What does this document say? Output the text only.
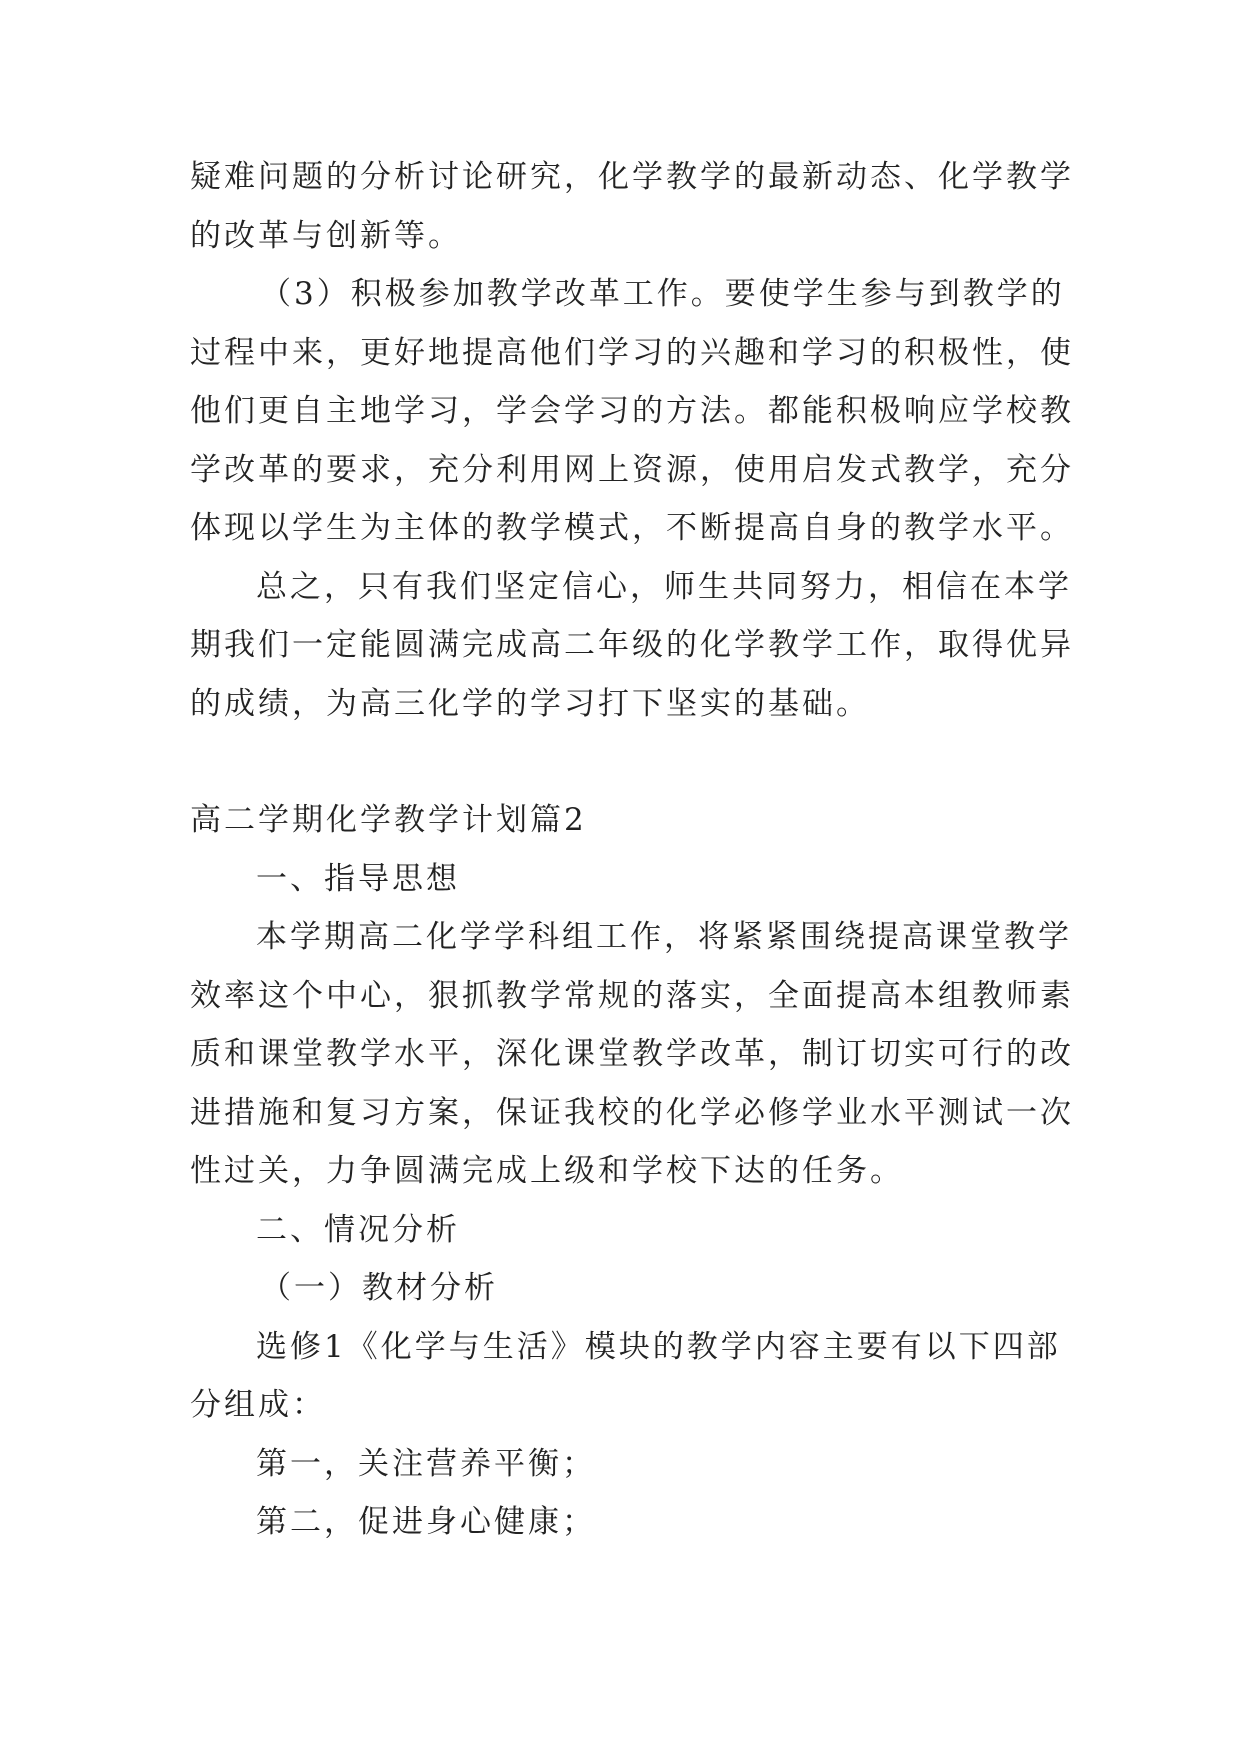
疑难问题的分析讨论研究，化学教学的最新动态、化学教学
的改革与创新等。
（3）积极参加教学改革工作。要使学生参与到教学的
过程中来，更好地提高他们学习的兴趣和学习的积极性，使
他们更自主地学习，学会学习的方法。都能积极响应学校教
学改革的要求，充分利用网上资源，使用启发式教学，充分
体现以学生为主体的教学模式，不断提高自身的教学水平。
总之，只有我们坚定信心，师生共同努力，相信在本学
期我们一定能圆满完成高二年级的化学教学工作，取得优异
的成绩，为高三化学的学习打下坚实的基础。
高二学期化学教学计划篇2
一、指导思想
本学期高二化学学科组工作，将紧紧围绕提高课堂教学
效率这个中心，狠抓教学常规的落实，全面提高本组教师素
质和课堂教学水平，深化课堂教学改革，制订切实可行的改
进措施和复习方案，保证我校的化学必修学业水平测试一次
性过关，力争圆满完成上级和学校下达的任务。
二、情况分析
（一）教材分析
选修1《化学与生活》模块的教学内容主要有以下四部
分组成：
第一，关注营养平衡；
第二，促进身心健康；
